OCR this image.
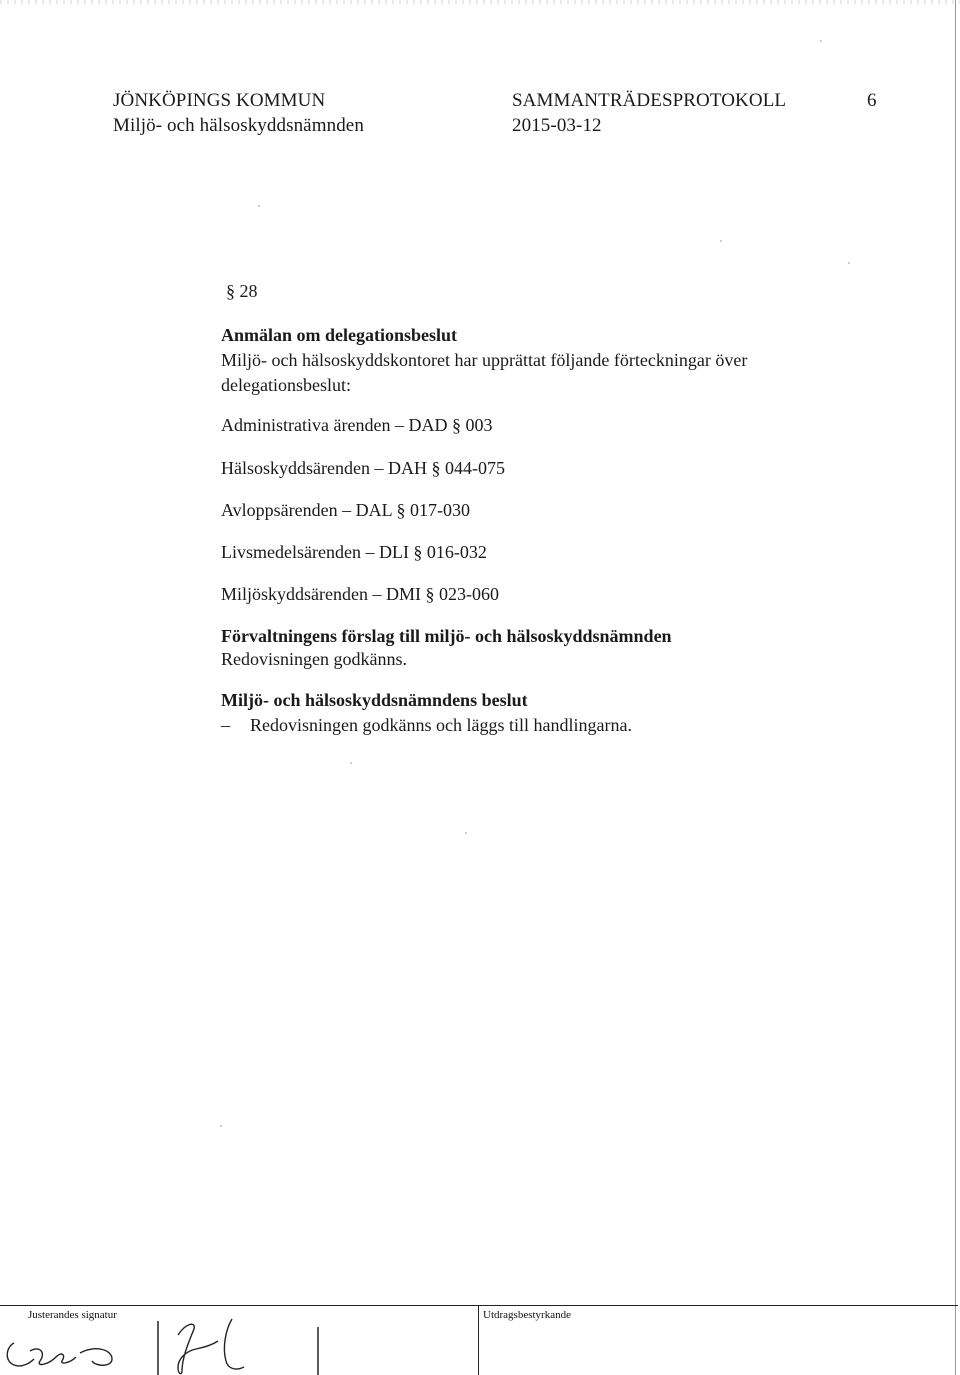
JÖNKÖPINGS KOMMUN
Miljö- och hälsoskyddsnämnden
SAMMANTRÄDESPROTOKOLL
2015-03-12
6
§ 28
Anmälan om delegationsbeslut
Miljö- och hälsoskyddskontoret har upprättat följande förteckningar över
delegationsbeslut:
Administrativa ärenden – DAD § 003
Hälsoskyddsärenden – DAH § 044-075
Avloppsärenden – DAL § 017-030
Livsmedelsärenden – DLI § 016-032
Miljöskyddsärenden – DMI § 023-060
Förvaltningens förslag till miljö- och hälsoskyddsnämnden
Redovisningen godkänns.
Miljö- och hälsoskyddsnämndens beslut
– Redovisningen godkänns och läggs till handlingarna.
Justerandes signatur	Utdragsbestyrkande
